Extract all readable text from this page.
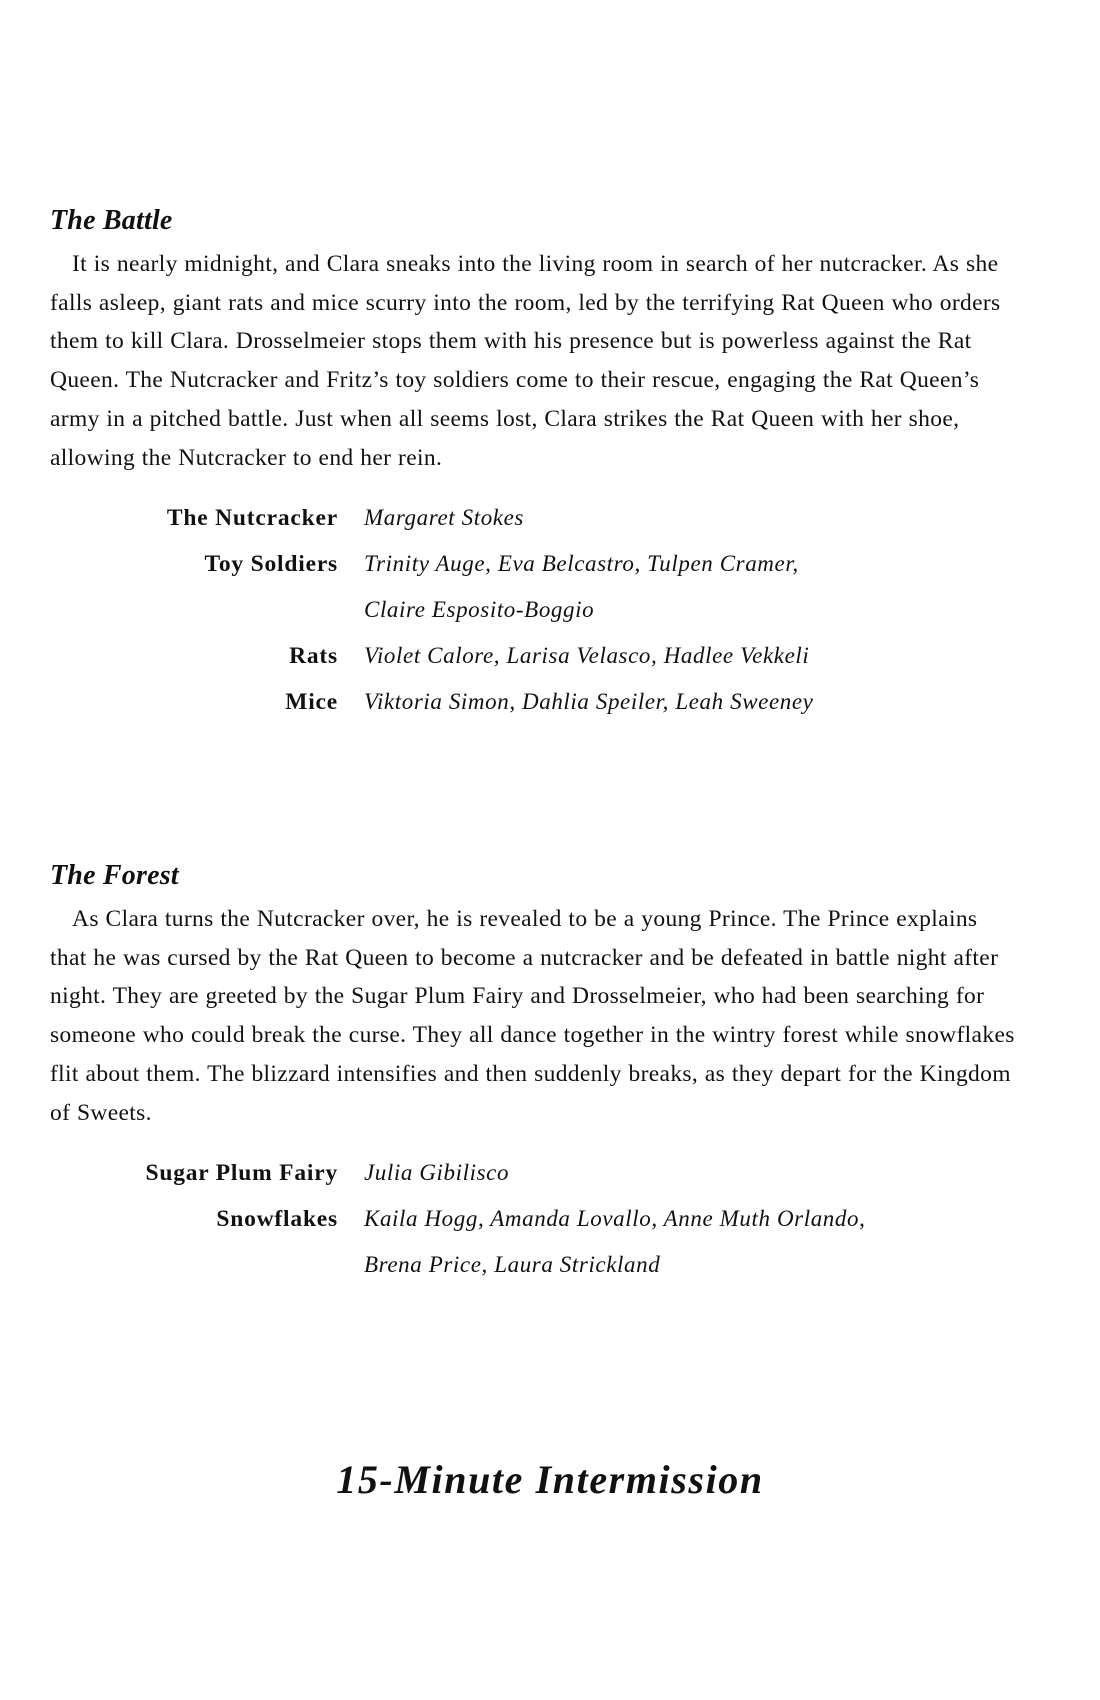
The Battle

It is nearly midnight, and Clara sneaks into the living room in search of her nutcracker. As she falls asleep, giant rats and mice scurry into the room, led by the terrifying Rat Queen who orders them to kill Clara. Drosselmeier stops them with his presence but is powerless against the Rat Queen. The Nutcracker and Fritz’s toy soldiers come to their rescue, engaging the Rat Queen’s army in a pitched battle. Just when all seems lost, Clara strikes the Rat Queen with her shoe, allowing the Nutcracker to end her rein.

The Nutcracker Margaret Stokes
Toy Soldiers Trinity Auge, Eva Belcastro, Tulpen Cramer,
Claire Esposito-Boggio
Rats Violet Calore, Larisa Velasco, Hadlee Vekkeli
Mice Viktoria Simon, Dahlia Speiler, Leah Sweeney
The Forest

As Clara turns the Nutcracker over, he is revealed to be a young Prince. The Prince explains that he was cursed by the Rat Queen to become a nutcracker and be defeated in battle night after night. They are greeted by the Sugar Plum Fairy and Drosselmeier, who had been searching for someone who could break the curse. They all dance together in the wintry forest while snowflakes flit about them. The blizzard intensifies and then suddenly breaks, as they depart for the Kingdom of Sweets.

Sugar Plum Fairy Julia Gibilisco
Snowflakes Kaila Hogg, Amanda Lovallo, Anne Muth Orlando,
Brena Price, Laura Strickland
15-Minute Intermission
